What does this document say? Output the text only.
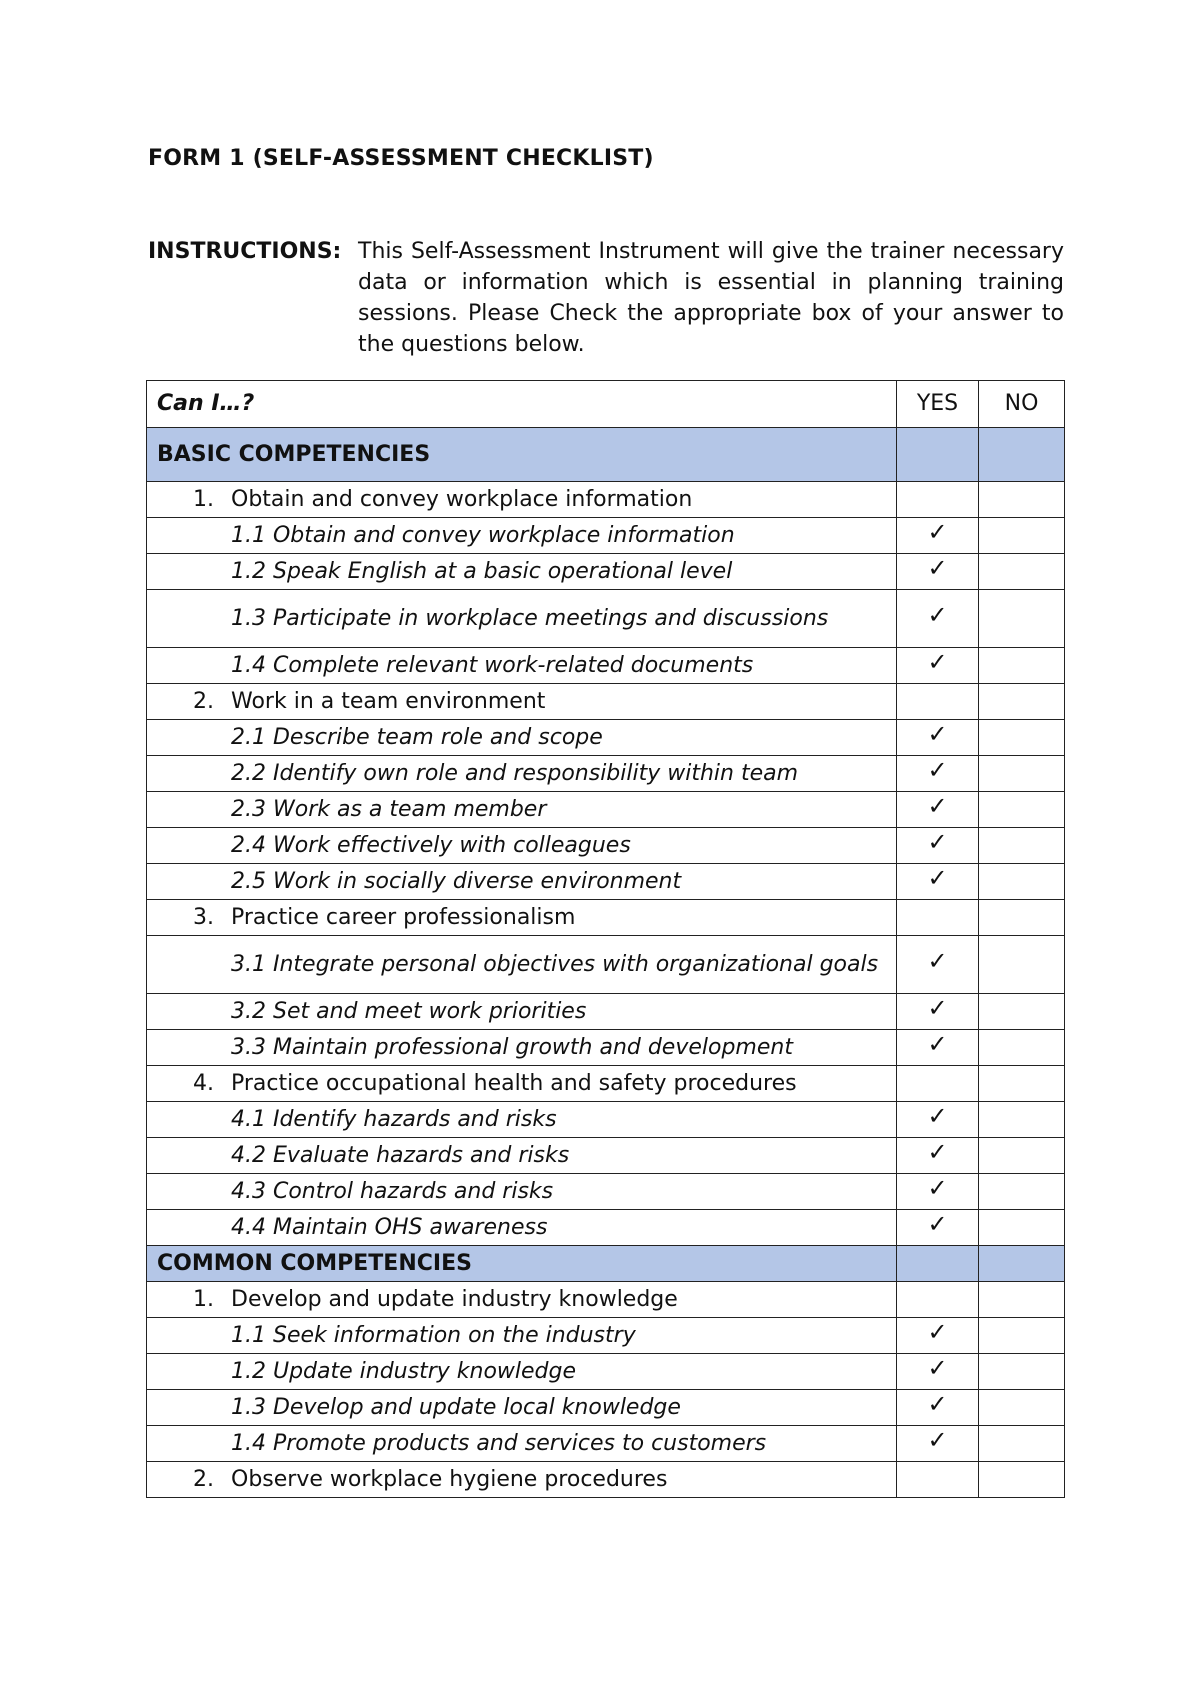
FORM 1 (SELF-ASSESSMENT CHECKLIST)
INSTRUCTIONS: This Self-Assessment Instrument will give the trainer necessary data or information which is essential in planning training sessions. Please Check the appropriate box of your answer to the questions below.
Can I…?	YES	NO
BASIC COMPETENCIES		
1. Obtain and convey workplace information		
1.1 Obtain and convey workplace information	✓	
1.2 Speak English at a basic operational level	✓	
1.3 Participate in workplace meetings and discussions	✓	
1.4 Complete relevant work-related documents	✓	
2. Work in a team environment		
2.1 Describe team role and scope	✓	
2.2 Identify own role and responsibility within team	✓	
2.3 Work as a team member	✓	
2.4 Work effectively with colleagues	✓	
2.5 Work in socially diverse environment	✓	
3. Practice career professionalism		
3.1 Integrate personal objectives with organizational goals	✓	
3.2 Set and meet work priorities	✓	
3.3 Maintain professional growth and development	✓	
4. Practice occupational health and safety procedures		
4.1 Identify hazards and risks	✓	
4.2 Evaluate hazards and risks	✓	
4.3 Control hazards and risks	✓	
4.4 Maintain OHS awareness	✓	
COMMON COMPETENCIES		
1. Develop and update industry knowledge		
1.1 Seek information on the industry	✓	
1.2 Update industry knowledge	✓	
1.3 Develop and update local knowledge	✓	
1.4 Promote products and services to customers	✓	
2. Observe workplace hygiene procedures		
